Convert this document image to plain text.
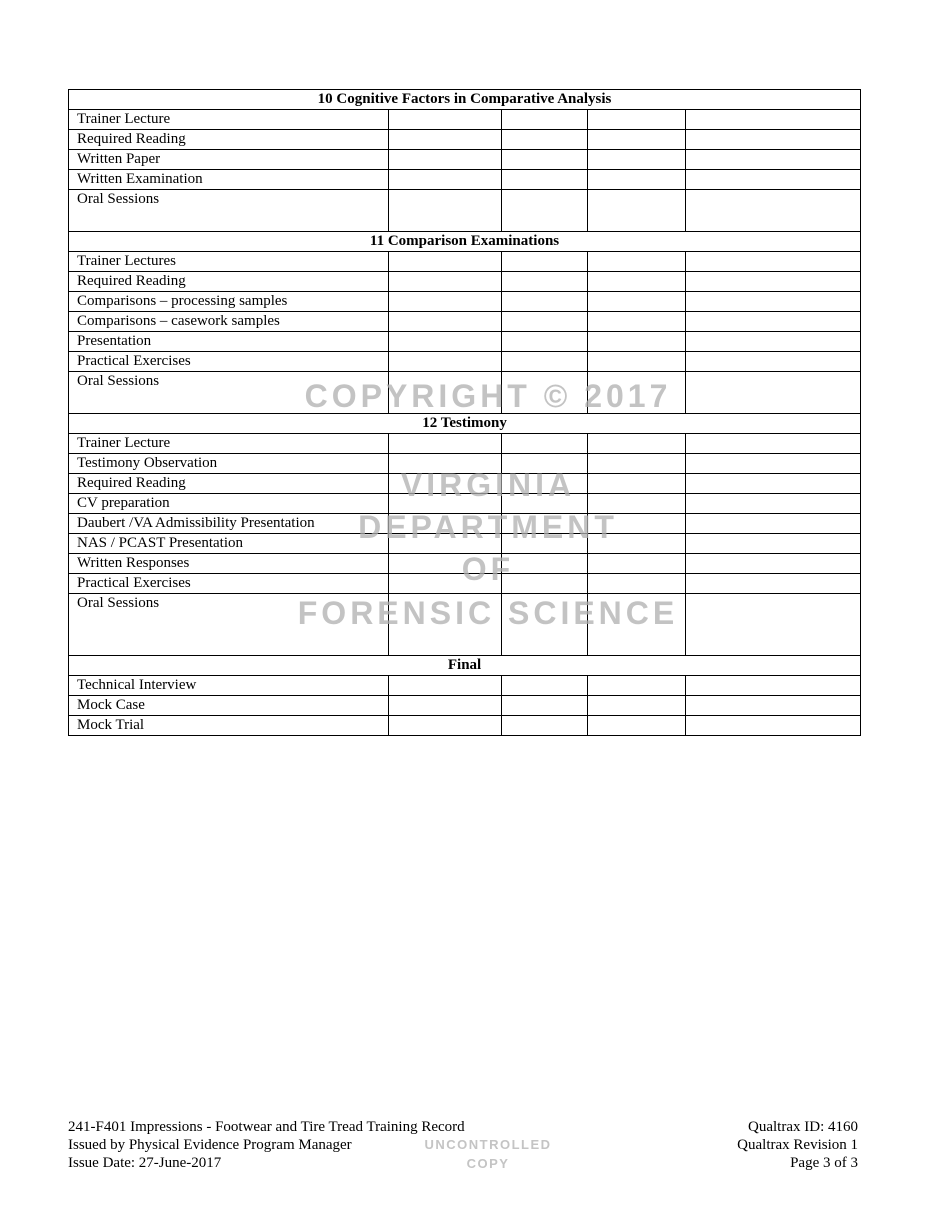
10 Cognitive Factors in Comparative Analysis				
Trainer Lecture				
Required Reading				
Written Paper				
Written Examination				
Oral Sessions				
11 Comparison Examinations				
Trainer Lectures				
Required Reading				
Comparisons – processing samples				
Comparisons – casework samples				
Presentation				
Practical Exercises				
Oral Sessions				
12 Testimony				
Trainer Lecture				
Testimony Observation				
Required Reading				
CV preparation				
Daubert /VA Admissibility Presentation				
NAS / PCAST Presentation				
Written Responses				
Practical Exercises				
Oral Sessions				
Final				
Technical Interview				
Mock Case				
Mock Trial				
COPYRIGHT © 2017
VIRGINIA
DEPARTMENT
OF
FORENSIC SCIENCE
241-F401 Impressions - Footwear and Tire Tread Training Record
Issued by Physical Evidence Program Manager
Issue Date: 27-June-2017
UNCONTROLLED
COPY
Qualtrax ID: 4160
Qualtrax Revision 1
Page 3 of 3
